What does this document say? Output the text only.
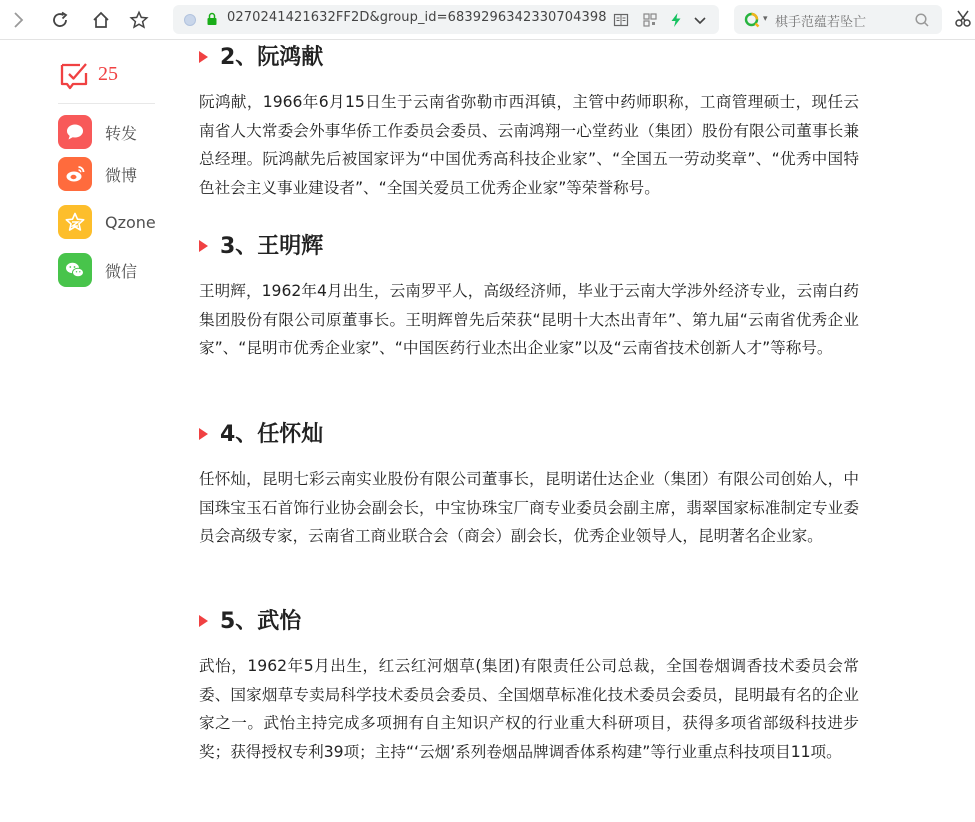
0270241421632FF2D&group_id=6839296342330704398	▾ 棋手范蕴若坠亡
25
转发
微博
Qzone
微信
2、阮鸿献

阮鸿献，1966年6月15日生于云南省弥勒市西洱镇，主管中药师职称，工商管理硕士，现任云南省人大常委会外事华侨工作委员会委员、云南鸿翔一心堂药业（集团）股份有限公司董事长兼总经理。阮鸿献先后被国家评为“中国优秀高科技企业家”、“全国五一劳动奖章”、“优秀中国特色社会主义事业建设者”、“全国关爱员工优秀企业家”等荣誉称号。

3、王明辉

王明辉，1962年4月出生，云南罗平人，高级经济师，毕业于云南大学涉外经济专业，云南白药集团股份有限公司原董事长。王明辉曾先后荣获“昆明十大杰出青年”、第九届“云南省优秀企业家”、“昆明市优秀企业家”、“中国医药行业杰出企业家”以及“云南省技术创新人才”等称号。

4、任怀灿

任怀灿，昆明七彩云南实业股份有限公司董事长，昆明诺仕达企业（集团）有限公司创始人，中国珠宝玉石首饰行业协会副会长，中宝协珠宝厂商专业委员会副主席，翡翠国家标准制定专业委员会高级专家，云南省工商业联合会（商会）副会长，优秀企业领导人，昆明著名企业家。

5、武怡

武怡，1962年5月出生，红云红河烟草(集团)有限责任公司总裁，全国卷烟调香技术委员会常委、国家烟草专卖局科学技术委员会委员、全国烟草标准化技术委员会委员，昆明最有名的企业家之一。武怡主持完成多项拥有自主知识产权的行业重大科研项目，获得多项省部级科技进步奖；获得授权专利39项；主持“‘云烟’系列卷烟品牌调香体系构建”等行业重点科技项目11项。
